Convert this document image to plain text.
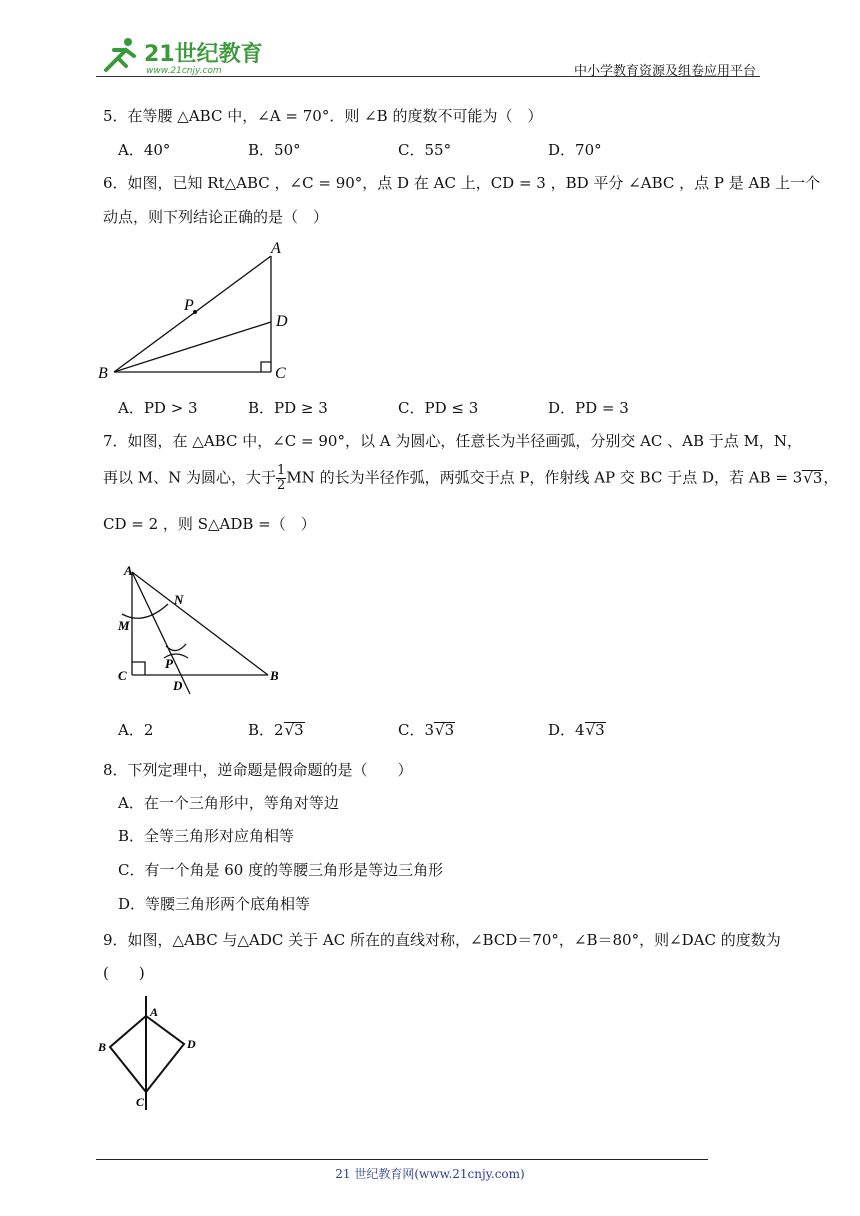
21世纪教育
www.21cnjy.com	中小学教育资源及组卷应用平台
5．在等腰 △ABC 中，∠A = 70°．则 ∠B 的度数不可能为（　）
A．40°	B．50°	C．55°	D．70°
6．如图，已知 Rt△ABC ，∠C = 90°，点 D 在 AC 上，CD = 3 ，BD 平分 ∠ABC ，点 P 是 AB 上一个
动点，则下列结论正确的是（　）
A
B	C
D
P
A．PD > 3	B．PD ≥ 3	C．PD ≤ 3	D．PD = 3
7．如图，在 △ABC 中，∠C = 90°，以 A 为圆心，任意长为半径画弧，分别交 AC 、AB 于点 M，N，
再以 M、N 为圆心，大于 $\frac{1}{2}$ MN 的长为半径作弧，两弧交于点 P，作射线 AP 交 BC 于点 D，若 AB = 3√3，
CD = 2 ，则 S△ADB =（　）
A
M
N
P
C
D
B
A．2	B．2√3	C．3√3	D．4√3
8．下列定理中，逆命题是假命题的是（　　）
A．在一个三角形中，等角对等边
B．全等三角形对应角相等
C．有一个角是 60 度的等腰三角形是等边三角形
D．等腰三角形两个底角相等
9．如图，△ABC 与△ADC 关于 AC 所在的直线对称，∠BCD＝70°，∠B＝80°，则∠DAC 的度数为
(　　)
A
B	D
C
21 世纪教育网(www.21cnjy.com)
